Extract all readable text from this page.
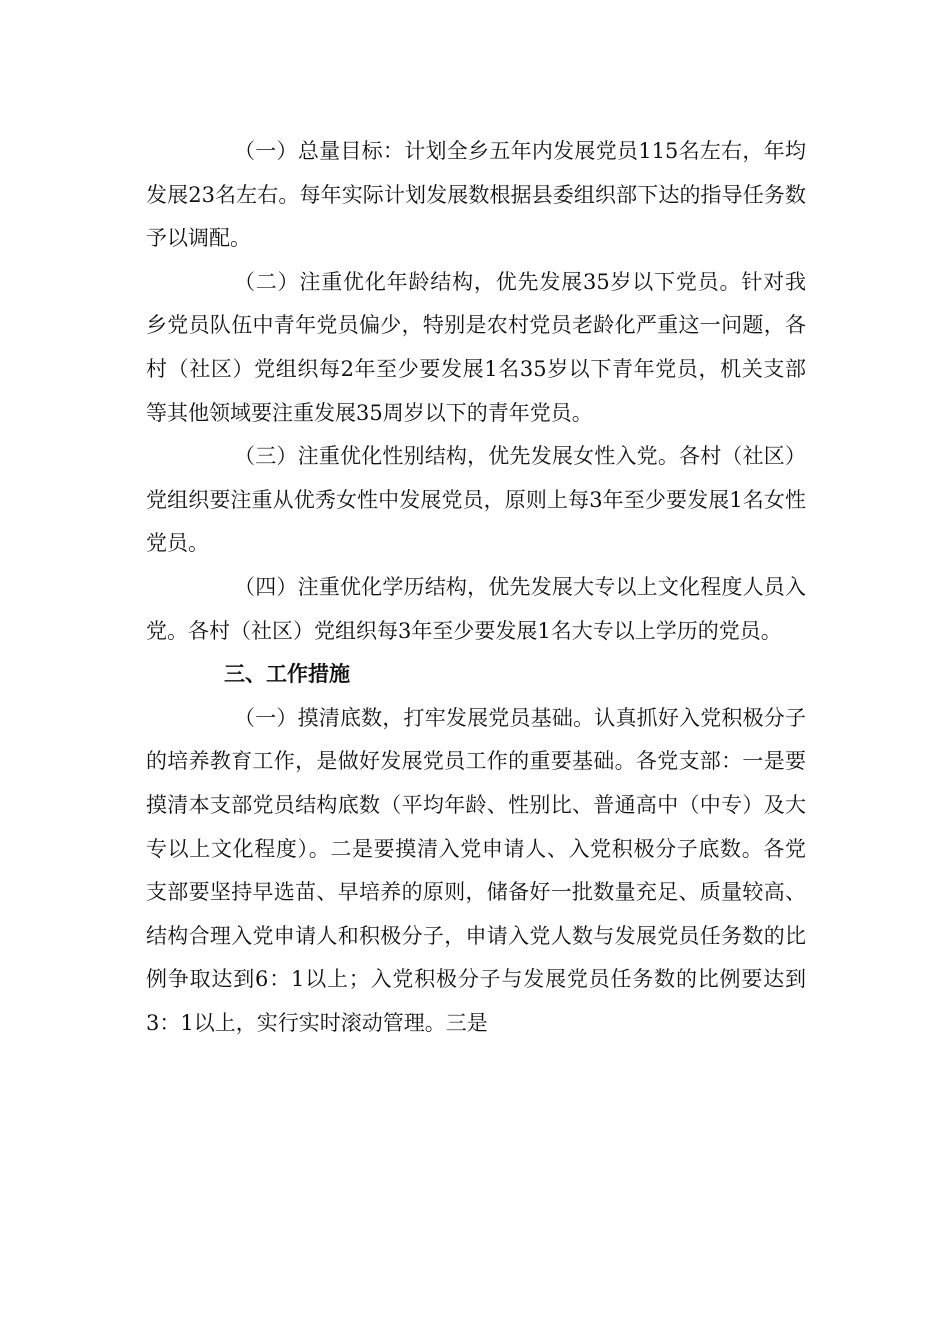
（一）总量目标：计划全乡五年内发展党员115名左右，年均发展23名左右。每年实际计划发展数根据县委组织部下达的指导任务数予以调配。

（二）注重优化年龄结构，优先发展35岁以下党员。针对我乡党员队伍中青年党员偏少，特别是农村党员老龄化严重这一问题，各村（社区）党组织每2年至少要发展1名35岁以下青年党员，机关支部等其他领域要注重发展35周岁以下的青年党员。

（三）注重优化性别结构，优先发展女性入党。各村（社区）党组织要注重从优秀女性中发展党员，原则上每3年至少要发展1名女性党员。

（四）注重优化学历结构，优先发展大专以上文化程度人员入党。各村（社区）党组织每3年至少要发展1名大专以上学历的党员。

三、工作措施

（一）摸清底数，打牢发展党员基础。认真抓好入党积极分子的培养教育工作，是做好发展党员工作的重要基础。各党支部：一是要摸清本支部党员结构底数（平均年龄、性别比、普通高中（中专）及大专以上文化程度）。二是要摸清入党申请人、入党积极分子底数。各党支部要坚持早选苗、早培养的原则，储备好一批数量充足、质量较高、结构合理入党申请人和积极分子，申请入党人数与发展党员任务数的比例争取达到6：1以上；入党积极分子与发展党员任务数的比例要达到3：1以上，实行实时滚动管理。三是
